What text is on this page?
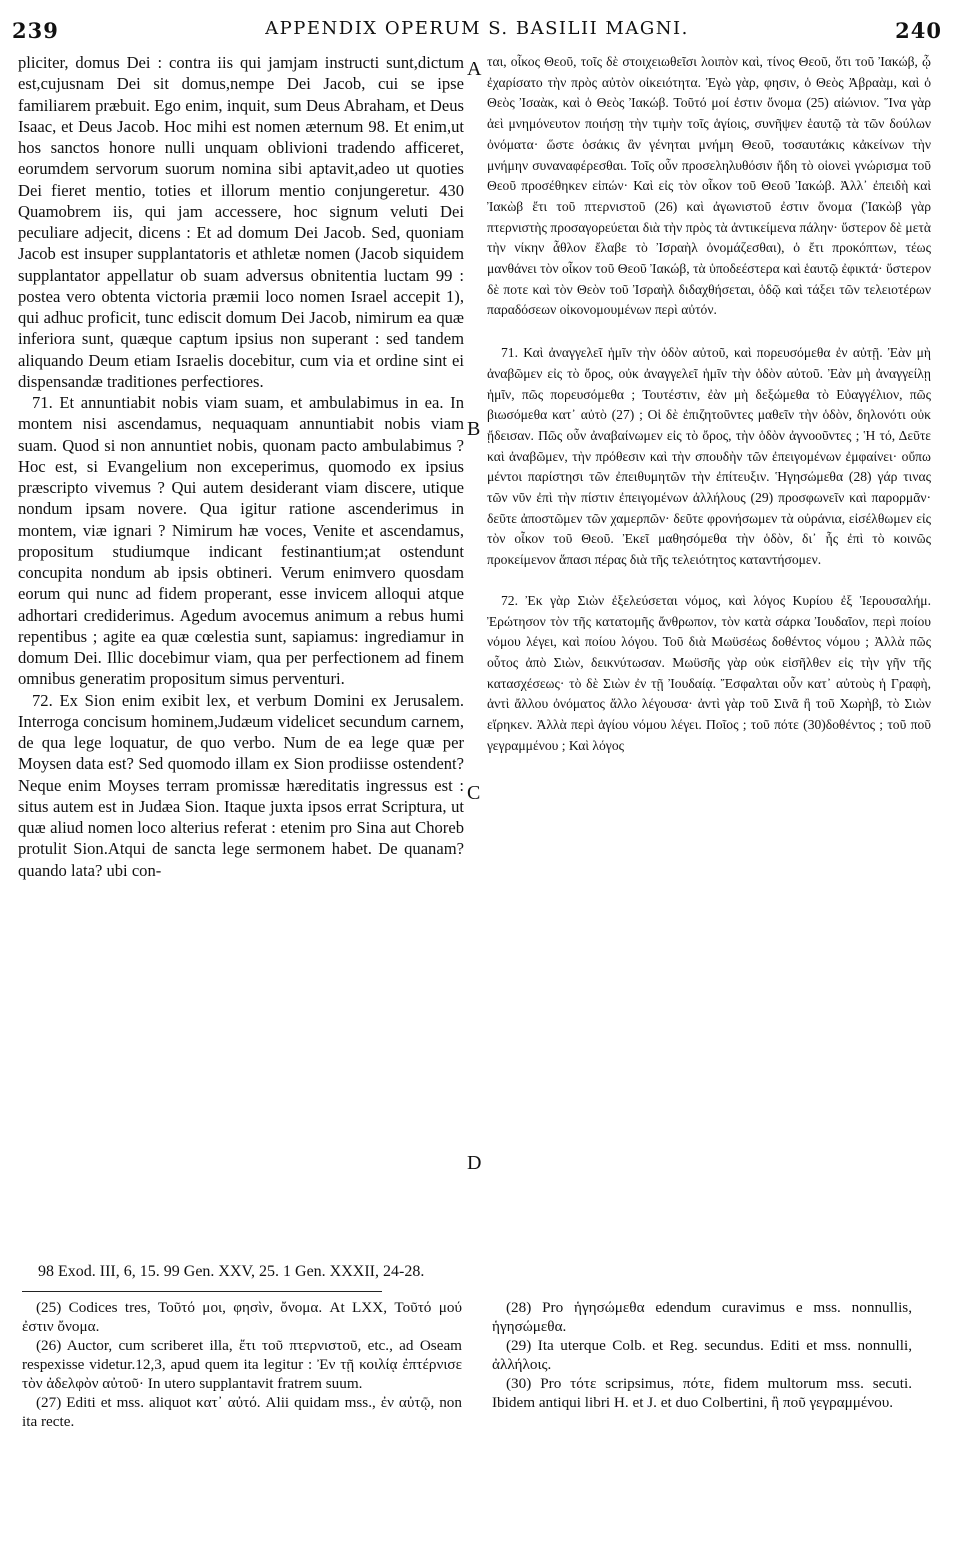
239	APPENDIX OPERUM S. BASILII MAGNI.	240

pliciter, domus Dei : contra iis qui jamjam instructi sunt,dictum est,cujusnam Dei sit domus,nempe Dei Jacob, cui se ipse familiarem præbuit. Ego enim, inquit, sum Deus Abraham, et Deus Isaac, et Deus Jacob. Hoc mihi est nomen æternum 98. Et enim,ut hos sanctos honore nulli unquam oblivioni tradendo afficeret, eorumdem servorum suorum nomina sibi aptavit,adeo ut quoties Dei fieret mentio, toties et illorum mentio conjungeretur. 430 Quamobrem iis, qui jam accessere, hoc signum veluti Dei peculiare adjecit, dicens : Et ad domum Dei Jacob. Sed, quoniam Jacob est insuper supplantatoris et athletæ nomen (Jacob siquidem supplantator appellatur ob suam adversus obnitentia luctam 99 : postea vero obtenta victoria præmii loco nomen Israel accepit 1), qui adhuc proficit, tunc ediscit domum Dei Jacob, nimirum ea quæ inferiora sunt, quæque captum ipsius non superant : sed tandem aliquando Deum etiam Israelis docebitur, cum via et ordine sint ei dispensandæ traditiones perfectiores.

71. Et annuntiabit nobis viam suam, et ambulabimus in ea. In montem nisi ascendamus, nequaquam annuntiabit nobis viam suam. Quod si non annuntiet nobis, quonam pacto ambulabimus ?Hoc est, si Evangelium non exceperimus, quomodo ex ipsius præscripto vivemus ? Qui autem desiderant viam discere, utique nondum ipsam novere. Qua igitur ratione ascenderimus in montem, viæ ignari ? Nimirum hæ voces, Venite et ascendamus, propositum studiumque indicant festinantium;at ostendunt concupita nondum ab ipsis obtineri. Verum enimvero quosdam eorum qui nunc ad fidem properant, esse invicem alloqui atque adhortari crediderimus. Agedum avocemus animum a rebus humi repentibus ; agite ea quæ cœlestia sunt, sapiamus: ingrediamur in domum Dei. Illic docebimur viam, qua per perfectionem ad finem omnibus generatim propositum simus perventuri.

72. Ex Sion enim exibit lex, et verbum Domini ex Jerusalem. Interroga concisum hominem,Judæum videlicet secundum carnem, de qua lege loquatur, de quo verbo. Num de ea lege quæ per Moysen data est? Sed quomodo illam ex Sion prodiisse ostendent?Neque enim Moyses terram promissæ hæreditatis ingressus est : situs autem est in Judæa Sion. Itaque juxta ipsos errat Scriptura, ut quæ aliud nomen loco alterius referat : etenim pro Sina aut Choreb protulit Sion.Atqui de sancta lege sermonem habet. De quanam? quando lata? ubi con-

ται, οἶκος Θεοῦ, τοῖς δὲ στοιχειωθεῖσι λοιπὸν καὶ, τίνος Θεοῦ, ὅτι τοῦ Ἰακώβ, ᾧ ἐχαρίσατο τὴν πρὸς αὐτὸν οἰκειότητα. Ἐγὼ γὰρ, φησιν, ὁ Θεὸς Ἀβραὰμ, καὶ ὁ Θεὸς Ἰσαὰκ, καὶ ὁ Θεὸς Ἰακώβ. Τοῦτό μοί ἐστιν ὄνομα (25) αἰώνιον. Ἵνα γὰρ ἀεὶ μνημόνευτον ποιήσῃ τὴν τιμὴν τοῖς ἁγίοις, συνῆψεν ἑαυτῷ τὰ τῶν δούλων ὀνόματα· ὥστε ὁσάκις ἂν γένηται μνήμη Θεοῦ, τοσαυτάκις κἀκείνων τὴν μνήμην συναναφέρεσθαι. Τοῖς οὖν προσεληλυθόσιν ἤδη τὸ οἱονεὶ γνώρισμα τοῦ Θεοῦ προσέθηκεν εἰπών· Καὶ εἰς τὸν οἶκον τοῦ Θεοῦ Ἰακώβ. Ἀλλ᾽ ἐπειδὴ καὶ Ἰακὼβ ἔτι τοῦ πτερνιστοῦ (26) καὶ ἀγωνιστοῦ ἐστιν ὄνομα (Ἰακὼβ γὰρ πτερνιστὴς προσαγορεύεται διὰ τὴν πρὸς τὰ ἀντικείμενα πάλην· ὕστερον δὲ μετὰ τὴν νίκην ἆθλον ἔλαβε τὸ Ἰσραὴλ ὀνομάζεσθαι), ὁ ἔτι προκόπτων, τέως μανθάνει τὸν οἶκον τοῦ Θεοῦ Ἰακώβ, τὰ ὑποδεέστερα καὶ ἑαυτῷ ἐφικτά· ὕστερον δὲ ποτε καὶ τὸν Θεὸν τοῦ Ἰσραὴλ διδαχθήσεται, ὁδῷ καὶ τάξει τῶν τελειοτέρων παραδόσεων οἰκονομουμένων περὶ αὐτόν.

71. Καὶ ἀναγγελεῖ ἡμῖν τὴν ὁδὸν αὐτοῦ, καὶ πορευσόμεθα ἐν αὐτῇ. Ἐὰν μὴ ἀναβῶμεν εἰς τὸ ὄρος, οὐκ ἀναγγελεῖ ἡμῖν τὴν ὁδὸν αὐτοῦ. Ἐὰν μὴ ἀναγγείλῃ ἡμῖν, πῶς πορευσόμεθα ; Τουτέστιν, ἐὰν μὴ δεξώμεθα τὸ Εὐαγγέλιον, πῶς βιωσόμεθα κατ᾽ αὐτὸ (27) ; Οἱ δὲ ἐπιζητοῦντες μαθεῖν τὴν ὁδὸν, δηλονότι οὐκ ᾔδεισαν. Πῶς οὖν ἀναβαίνωμεν εἰς τὸ ὄρος, τὴν ὁδὸν ἀγνοοῦντες ; Ἡ τό, Δεῦτε καὶ ἀναβῶμεν, τὴν πρόθεσιν καὶ τὴν σπουδὴν τῶν ἐπειγομένων ἐμφαίνει· οὔπω μέντοι παρίστησι τῶν ἐπειθυμητῶν τὴν ἐπίτευξιν. Ἡγησώμεθα (28) γάρ τινας τῶν νῦν ἐπὶ τὴν πίστιν ἐπειγομένων ἀλλήλους (29) προσφωνεῖν καὶ παρορμᾶν· δεῦτε ἀποστῶμεν τῶν χαμερπῶν· δεῦτε φρονήσωμεν τὰ οὐράνια, εἰσέλθωμεν εἰς τὸν οἶκον τοῦ Θεοῦ. Ἐκεῖ μαθησόμεθα τὴν ὁδὸν, δι᾽ ἧς ἐπὶ τὸ κοινῶς προκείμενον ἅπασι πέρας διὰ τῆς τελειότητος καταντήσομεν.

72. Ἐκ γὰρ Σιὼν ἐξελεύσεται νόμος, καὶ λόγος Κυρίου ἐξ Ἱερουσαλήμ. Ἐρώτησον τὸν τῆς κατατομῆς ἄνθρωπον, τὸν κατὰ σάρκα Ἰουδαῖον, περὶ ποίου νόμου λέγει, καὶ ποίου λόγου. Τοῦ διὰ Μωϋσέως δοθέντος νόμου ; Ἀλλὰ πῶς οὗτος ἀπὸ Σιὼν, δεικνύτωσαν. Μωϋσῆς γὰρ οὐκ εἰσῆλθεν εἰς τὴν γῆν τῆς κατασχέσεως· τὸ δὲ Σιὼν ἐν τῇ Ἰουδαίᾳ. Ἔσφαλται οὖν κατ᾽ αὐτοὺς ἡ Γραφὴ, ἀντὶ ἄλλου ὀνόματος ἄλλο λέγουσα· ἀντὶ γὰρ τοῦ Σινᾶ ἢ τοῦ Χωρὴβ, τὸ Σιὼν εἴρηκεν. Ἀλλὰ περὶ ἁγίου νόμου λέγει. Ποῖος ; τοῦ πότε (30)δοθέντος ; τοῦ ποῦ γεγραμμένου ; Καὶ λόγος

A
B
C
D
98 Exod. III, 6, 15. 99 Gen. XXV, 25. 1 Gen. XXXII, 24-28.

(25) Codices tres, Τοῦτό μοι, φησὶν, ὄνομα. At LXX, Τοῦτό μού ἐστιν ὄνομα.

(26) Auctor, cum scriberet illa, ἔτι τοῦ πτερνιστοῦ, etc., ad Oseam respexisse videtur.12,3, apud quem ita legitur : Ἐν τῇ κοιλίᾳ ἐπτέρνισε τὸν ἀδελφὸν αὐτοῦ· In utero supplantavit fratrem suum.

(27) Editi et mss. aliquot κατ᾽ αὐτό. Alii quidam mss., ἐν αὐτῷ, non ita recte.

(28) Pro ἡγησώμεθα edendum curavimus e mss. nonnullis, ἡγησώμεθα.

(29) Ita uterque Colb. et Reg. secundus. Editi et mss. nonnulli, ἀλλήλοις.

(30) Pro τότε scripsimus, πότε, fidem multorum mss. secuti. Ibidem antiqui libri H. et J. et duo Colbertini, ἢ ποῦ γεγραμμένου.
